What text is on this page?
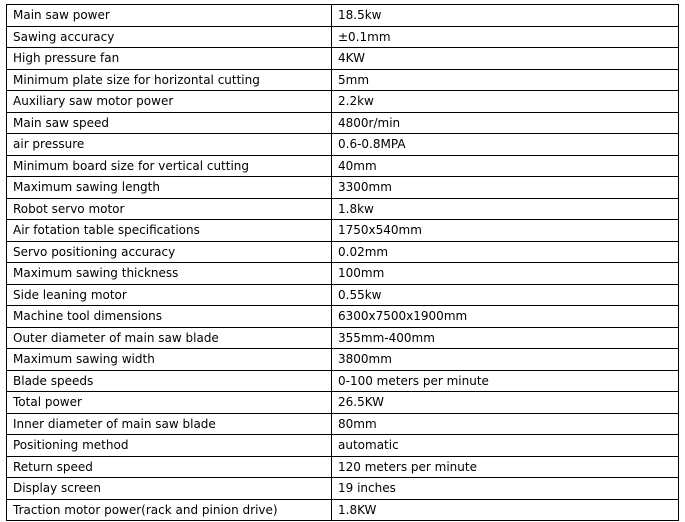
Main saw power	18.5kw
Sawing accuracy	±0.1mm
High pressure fan	4KW
Minimum plate size for horizontal cutting	5mm
Auxiliary saw motor power	2.2kw
Main saw speed	4800r/min
air pressure	0.6-0.8MPA
Minimum board size for vertical cutting	40mm
Maximum sawing length	3300mm
Robot servo motor	1.8kw
Air fotation table specifications	1750x540mm
Servo positioning accuracy	0.02mm
Maximum sawing thickness	100mm
Side leaning motor	0.55kw
Machine tool dimensions	6300x7500x1900mm
Outer diameter of main saw blade	355mm-400mm
Maximum sawing width	3800mm
Blade speeds	0-100 meters per minute
Total power	26.5KW
Inner diameter of main saw blade	80mm
Positioning method	automatic
Return speed	120 meters per minute
Display screen	19 inches
Traction motor power(rack and pinion drive)	1.8KW
